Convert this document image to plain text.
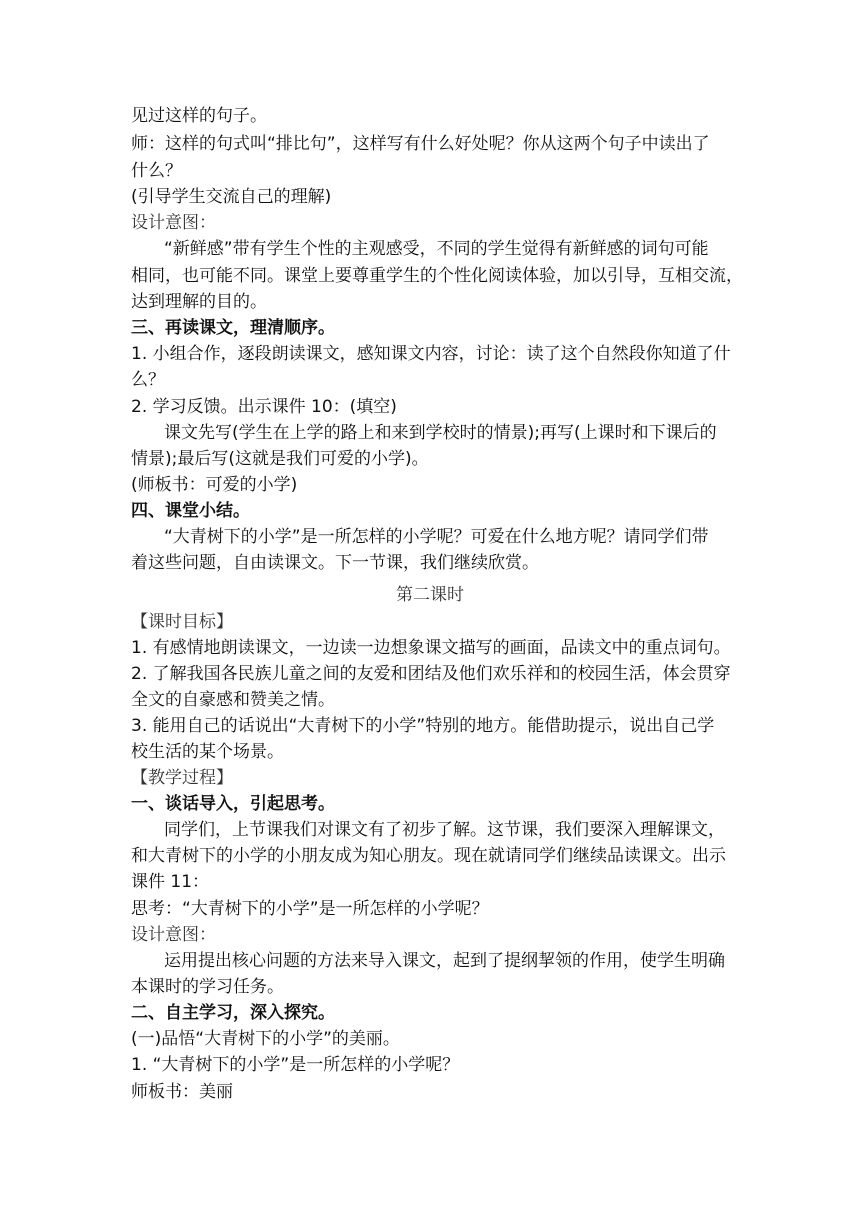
见过这样的句子。
师：这样的句式叫“排比句”，这样写有什么好处呢？你从这两个句子中读出了
什么？
(引导学生交流自己的理解)
设计意图：
“新鲜感”带有学生个性的主观感受，不同的学生觉得有新鲜感的词句可能
相同，也可能不同。课堂上要尊重学生的个性化阅读体验，加以引导，互相交流，
达到理解的目的。
三、再读课文，理清顺序。
1. 小组合作，逐段朗读课文，感知课文内容，讨论：读了这个自然段你知道了什
么？
2. 学习反馈。出示课件 10：(填空)
课文先写(学生在上学的路上和来到学校时的情景);再写(上课时和下课后的
情景);最后写(这就是我们可爱的小学)。
(师板书：可爱的小学)
四、课堂小结。
“大青树下的小学”是一所怎样的小学呢？可爱在什么地方呢？请同学们带
着这些问题，自由读课文。下一节课，我们继续欣赏。
第二课时
【课时目标】
1. 有感情地朗读课文，一边读一边想象课文描写的画面，品读文中的重点词句。
2. 了解我国各民族儿童之间的友爱和团结及他们欢乐祥和的校园生活，体会贯穿
全文的自豪感和赞美之情。
3. 能用自己的话说出“大青树下的小学”特别的地方。能借助提示，说出自己学
校生活的某个场景。
【教学过程】
一、谈话导入，引起思考。
同学们，上节课我们对课文有了初步了解。这节课，我们要深入理解课文，
和大青树下的小学的小朋友成为知心朋友。现在就请同学们继续品读课文。出示
课件 11：
思考：“大青树下的小学”是一所怎样的小学呢？
设计意图：
运用提出核心问题的方法来导入课文，起到了提纲挈领的作用，使学生明确
本课时的学习任务。
二、自主学习，深入探究。
(一)品悟“大青树下的小学”的美丽。
1. “大青树下的小学”是一所怎样的小学呢？
师板书：美丽
